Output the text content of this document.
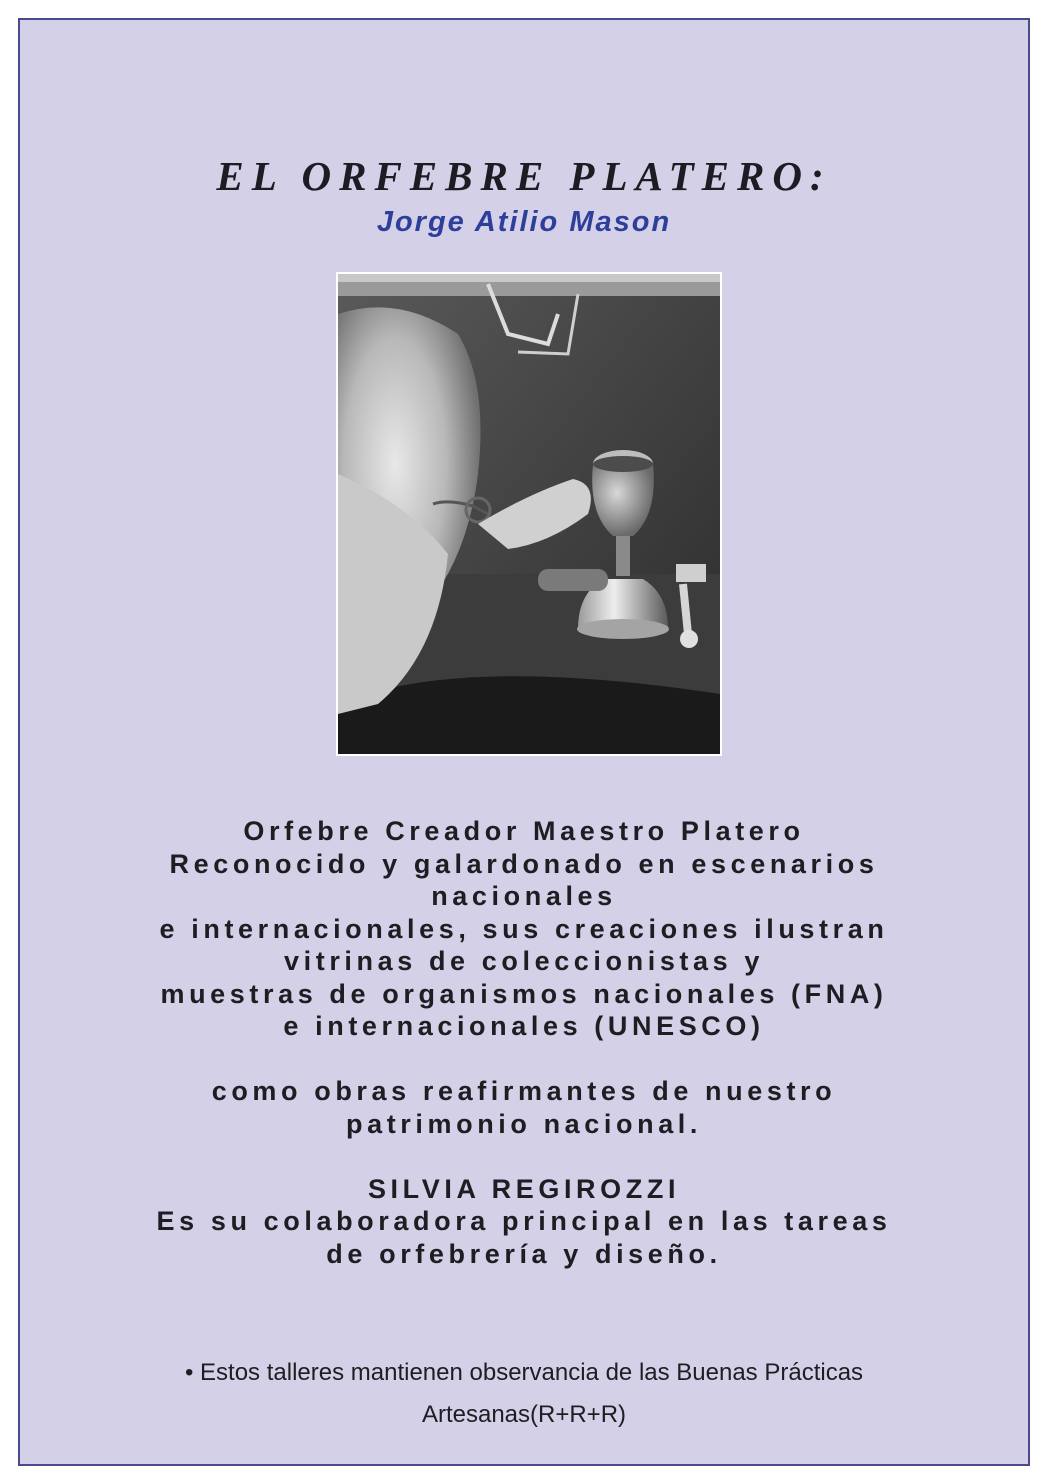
EL ORFEBRE PLATERO:
Jorge Atilio Mason
Orfebre Creador Maestro Platero
Reconocido y galardonado en escenarios
nacionales
e internacionales, sus creaciones ilustran
vitrinas de coleccionistas y
muestras de organismos nacionales (FNA)
e internacionales (UNESCO)
como obras reafirmantes de nuestro
patrimonio nacional.
SILVIA REGIROZZI
Es su colaboradora principal en las tareas
de orfebrería y diseño.
• Estos talleres mantienen observancia de las Buenas Prácticas
Artesanas(R+R+R)
